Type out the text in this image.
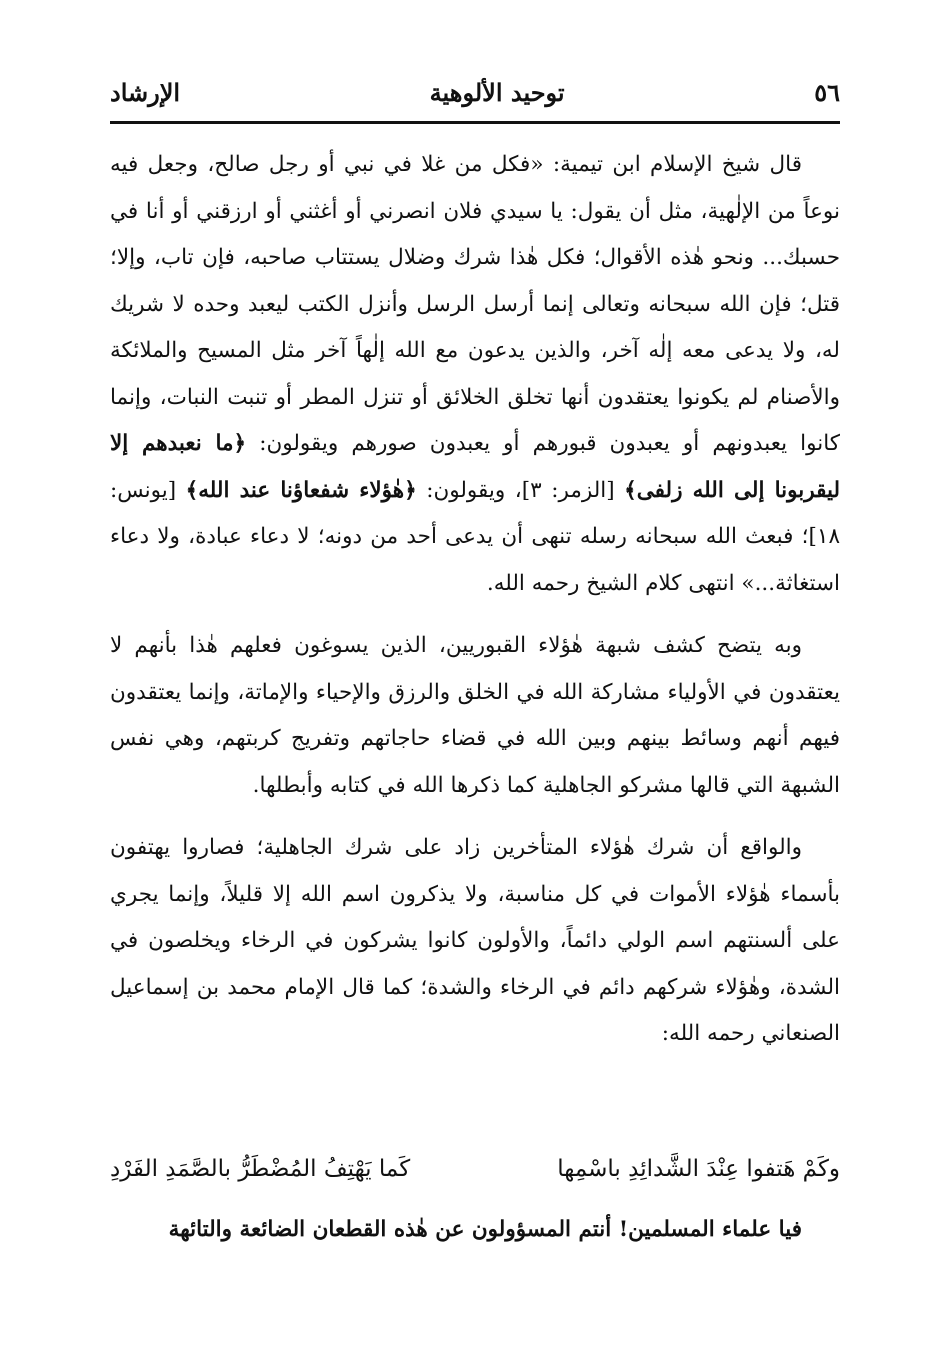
٥٦
توحيد الألوهية
الإرشاد

قال شيخ الإسلام ابن تيمية: «فكل من غلا في نبي أو رجل صالح، وجعل فيه نوعاً من الإلٰهية، مثل أن يقول: يا سيدي فلان انصرني أو أغثني أو ارزقني أو أنا في حسبك... ونحو هٰذه الأقوال؛ فكل هٰذا شرك وضلال يستتاب صاحبه، فإن تاب، وإلا؛ قتل؛ فإن الله سبحانه وتعالى إنما أرسل الرسل وأنزل الكتب ليعبد وحده لا شريك له، ولا يدعى معه إلٰه آخر، والذين يدعون مع الله إلٰهاً آخر مثل المسيح والملائكة والأصنام لم يكونوا يعتقدون أنها تخلق الخلائق أو تنزل المطر أو تنبت النبات، وإنما كانوا يعبدونهم أو يعبدون قبورهم أو يعبدون صورهم ويقولون: ﴿ما نعبدهم إلا ليقربونا إلى الله زلفى﴾ [الزمر: ٣]، ويقولون: ﴿هٰؤلاء شفعاؤنا عند الله﴾ [يونس: ١٨]؛ فبعث الله سبحانه رسله تنهى أن يدعى أحد من دونه؛ لا دعاء عبادة، ولا دعاء استغاثة...» انتهى كلام الشيخ رحمه الله.

وبه يتضح كشف شبهة هٰؤلاء القبوريين، الذين يسوغون فعلهم هٰذا بأنهم لا يعتقدون في الأولياء مشاركة الله في الخلق والرزق والإحياء والإماتة، وإنما يعتقدون فيهم أنهم وسائط بينهم وبين الله في قضاء حاجاتهم وتفريج كربتهم، وهي نفس الشبهة التي قالها مشركو الجاهلية كما ذكرها الله في كتابه وأبطلها.

والواقع أن شرك هٰؤلاء المتأخرين زاد على شرك الجاهلية؛ فصاروا يهتفون بأسماء هٰؤلاء الأموات في كل مناسبة، ولا يذكرون اسم الله إلا قليلاً، وإنما يجري على ألسنتهم اسم الولي دائماً، والأولون كانوا يشركون في الرخاء ويخلصون في الشدة، وهٰؤلاء شركهم دائم في الرخاء والشدة؛ كما قال الإمام محمد بن إسماعيل الصنعاني رحمه الله:

وكَمْ هَتفوا عِنْدَ الشَّدائِدِ باسْمِها
كَما يَهْتِفُ المُضْطَرُّ بالصَّمَدِ الفَرْدِ
فيا علماء المسلمين! أنتم المسؤولون عن هٰذه القطعان الضائعة والتائهة
